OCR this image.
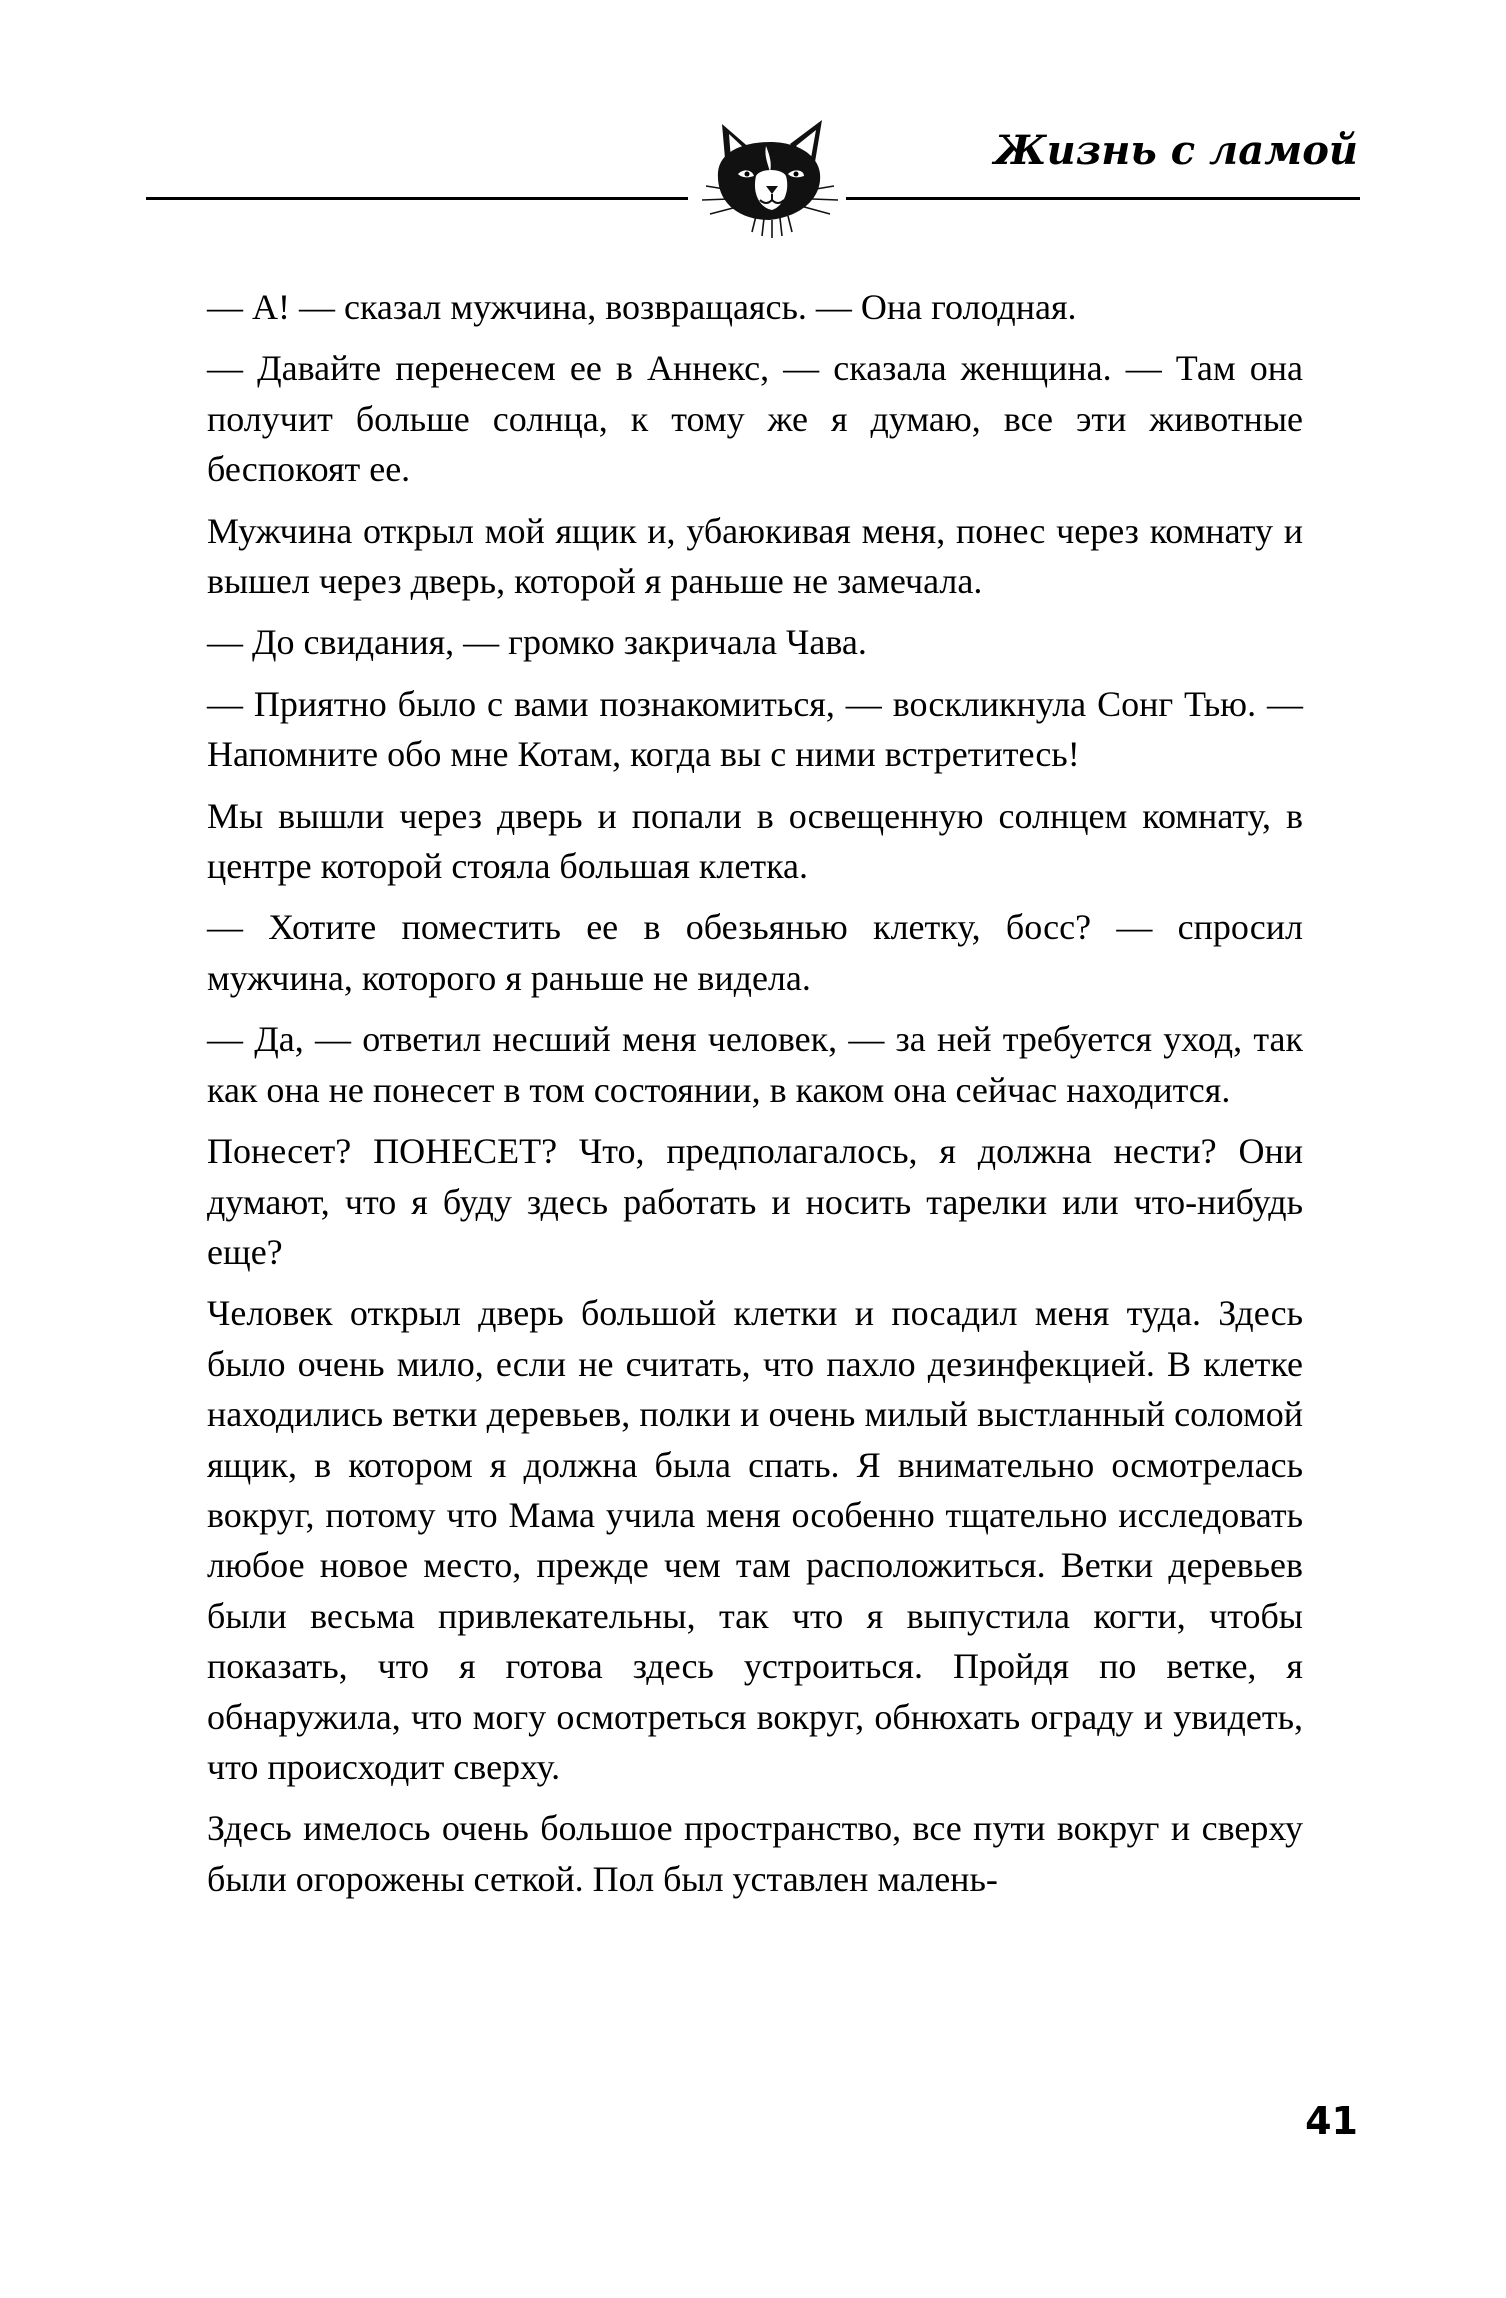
Жизнь с ламой

— А! — сказал мужчина, возвращаясь. — Она голодная.

— Давайте перенесем ее в Аннекс, — сказала женщина. — Там она получит больше солнца, к тому же я думаю, все эти животные беспокоят ее.

Мужчина открыл мой ящик и, убаюкивая меня, понес через комнату и вышел через дверь, которой я раньше не замечала.

— До свидания, — громко закричала Чава.

— Приятно было с вами познакомиться, — воскликнула Сонг Тью. — Напомните обо мне Котам, когда вы с ними встретитесь!

Мы вышли через дверь и попали в освещенную солнцем комнату, в центре которой стояла большая клетка.

— Хотите поместить ее в обезьянью клетку, босс? — спросил мужчина, которого я раньше не видела.

— Да, — ответил несший меня человек, — за ней требуется уход, так как она не понесет в том состоянии, в каком она сейчас находится.

Понесет? ПОНЕСЕТ? Что, предполагалось, я должна нести? Они думают, что я буду здесь работать и носить тарелки или что-нибудь еще?

Человек открыл дверь большой клетки и посадил меня туда. Здесь было очень мило, если не считать, что пахло дезинфекцией. В клетке находились ветки деревьев, полки и очень милый выстланный соломой ящик, в котором я должна была спать. Я внимательно осмотрелась вокруг, потому что Мама учила меня особенно тщательно исследовать любое новое место, прежде чем там расположиться. Ветки деревьев были весьма привлекательны, так что я выпустила когти, чтобы показать, что я готова здесь устроиться. Пройдя по ветке, я обнаружила, что могу осмотреться вокруг, обнюхать ограду и увидеть, что происходит сверху.

Здесь имелось очень большое пространство, все пути вокруг и сверху были огорожены сеткой. Пол был уставлен малень-

41
